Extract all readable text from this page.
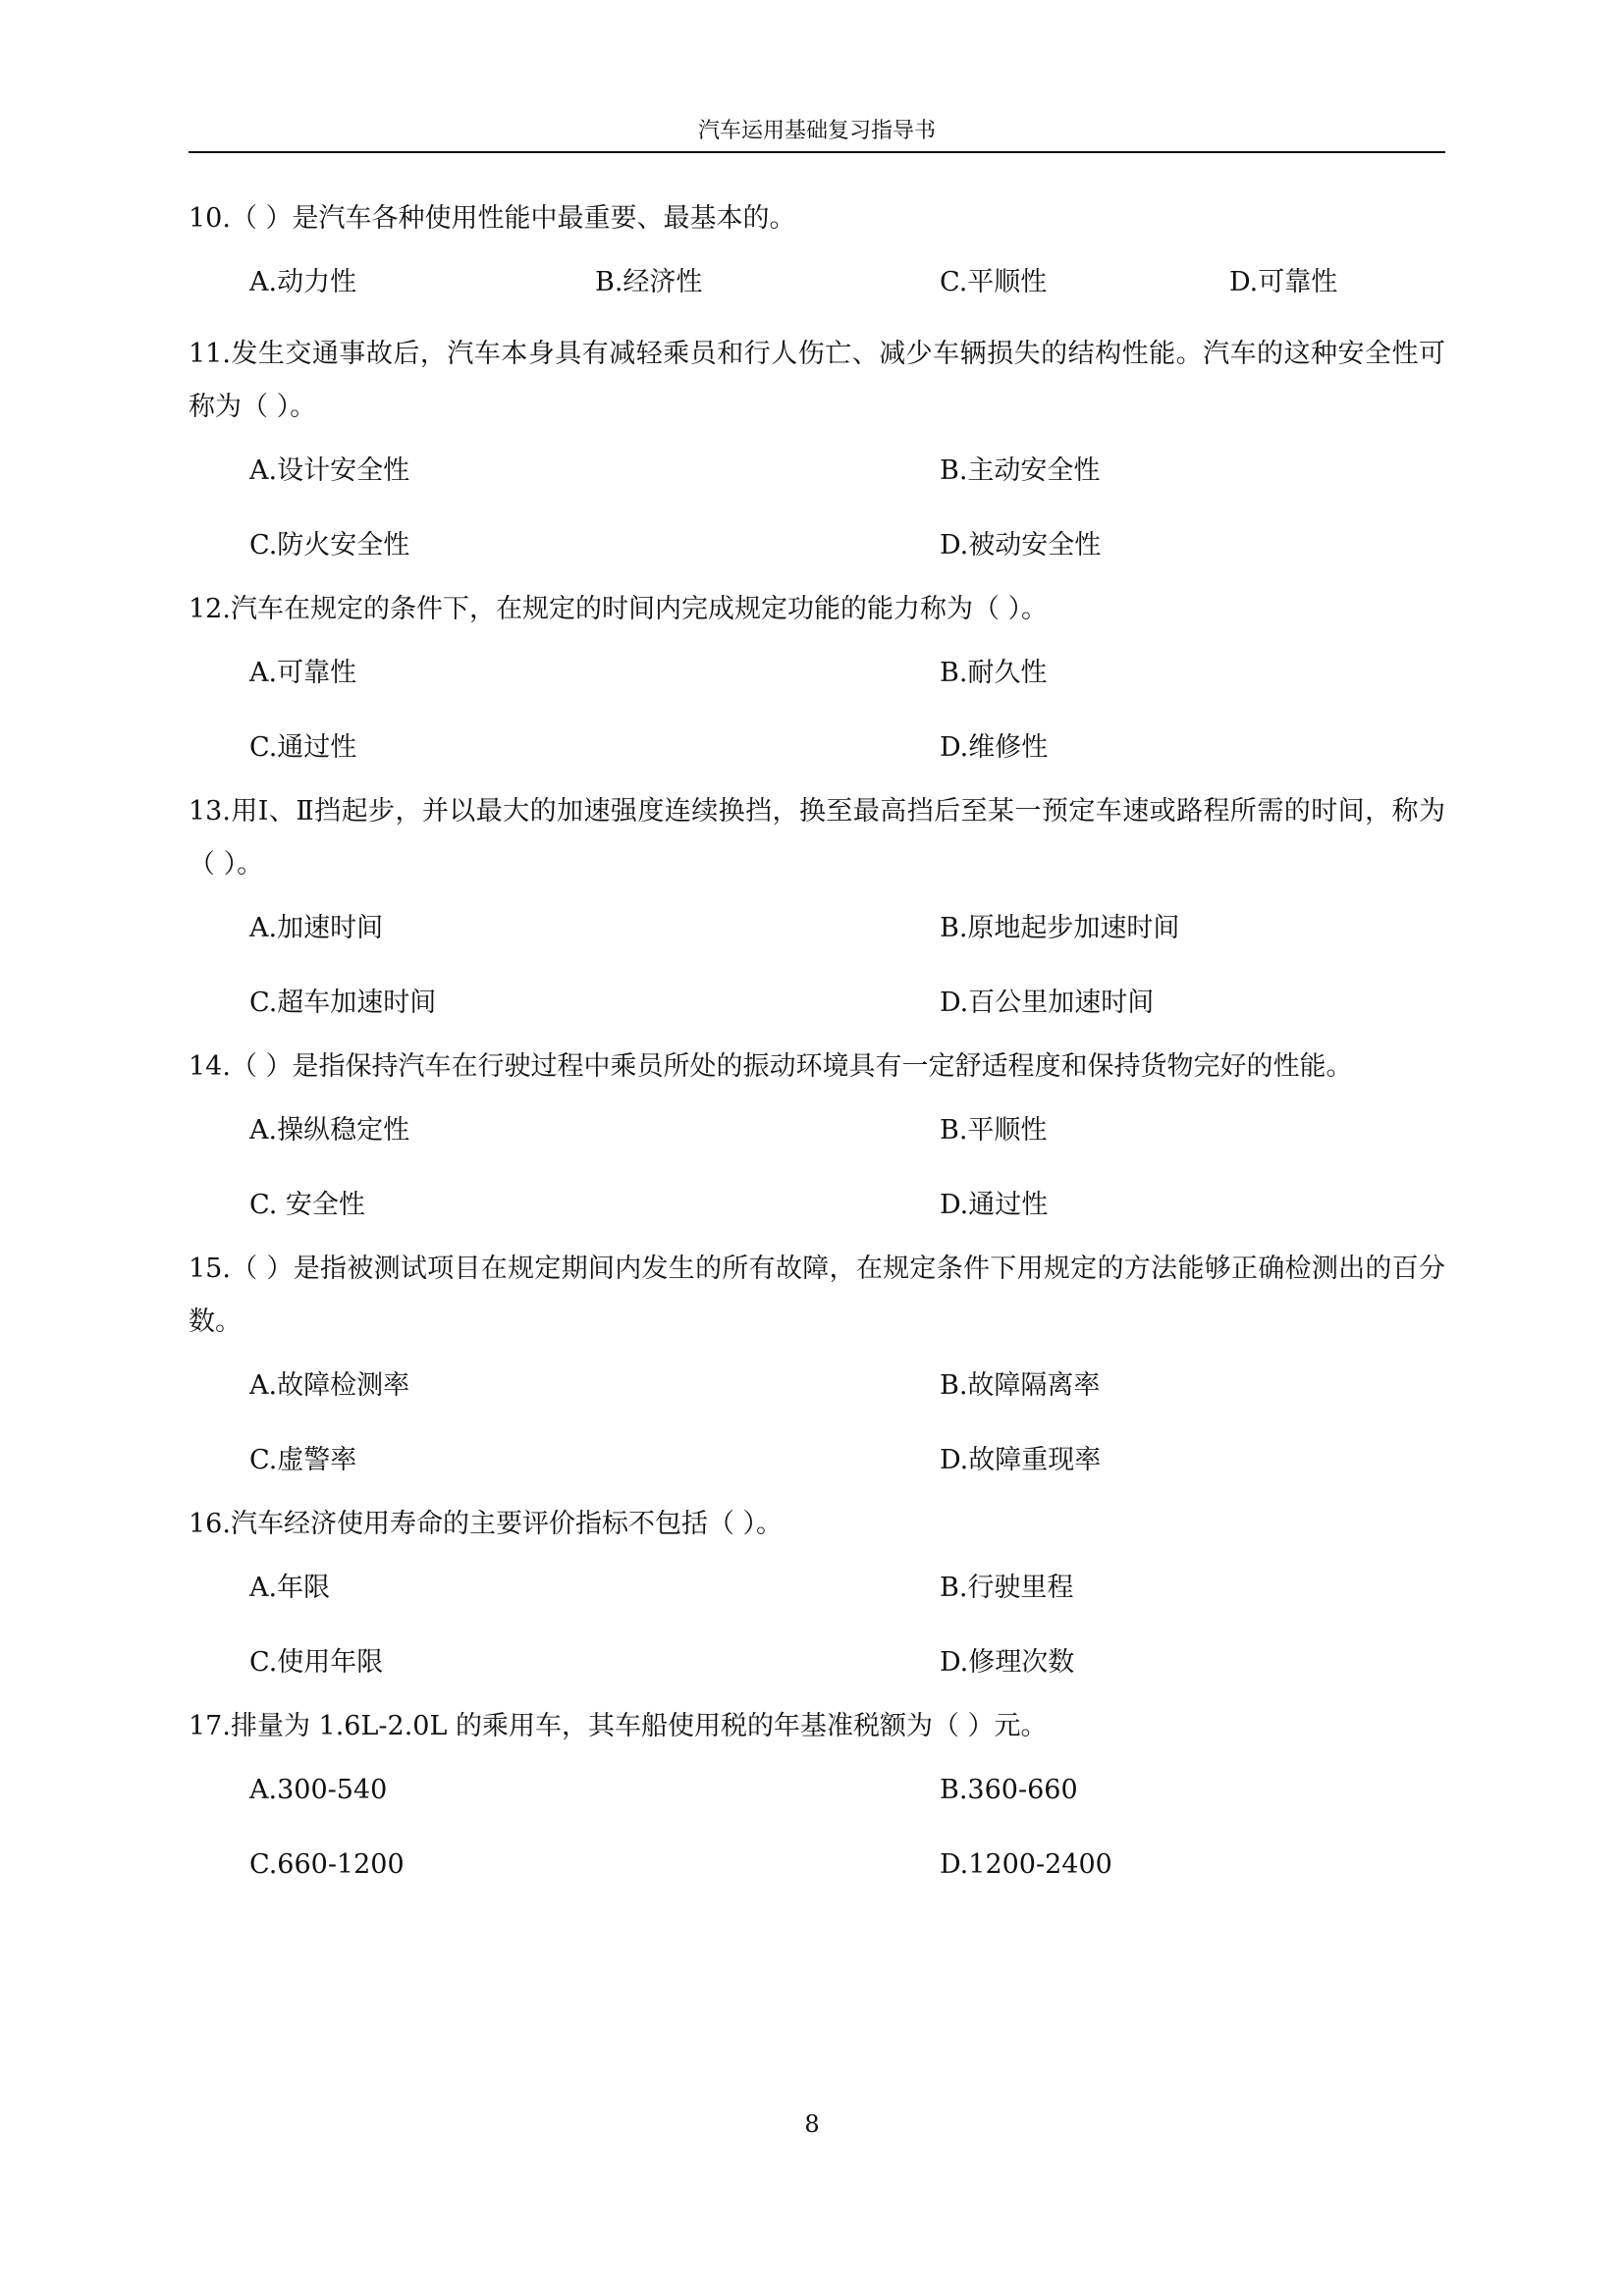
汽车运用基础复习指导书

10.（ ）是汽车各种使用性能中最重要、最基本的。

A.动力性	B.经济性	C.平顺性	D.可靠性

11.发生交通事故后，汽车本身具有减轻乘员和行人伤亡、减少车辆损失的结构性能。汽车的这种安全性可称为（ ）。

A.设计安全性	B.主动安全性
C.防火安全性	D.被动安全性

12.汽车在规定的条件下，在规定的时间内完成规定功能的能力称为（ ）。

A.可靠性	B.耐久性
C.通过性	D.维修性

13.用Ⅰ、Ⅱ挡起步，并以最大的加速强度连续换挡，换至最高挡后至某一预定车速或路程所需的时间，称为（ ）。

A.加速时间	B.原地起步加速时间
C.超车加速时间	D.百公里加速时间

14.（ ）是指保持汽车在行驶过程中乘员所处的振动环境具有一定舒适程度和保持货物完好的性能。

A.操纵稳定性	B.平顺性
C. 安全性	D.通过性

15.（ ）是指被测试项目在规定期间内发生的所有故障，在规定条件下用规定的方法能够正确检测出的百分数。

A.故障检测率	B.故障隔离率
C.虚警率	D.故障重现率

16.汽车经济使用寿命的主要评价指标不包括（ ）。

A.年限	B.行驶里程
C.使用年限	D.修理次数

17.排量为 1.6L-2.0L 的乘用车，其车船使用税的年基准税额为（ ）元。

A.300-540	B.360-660
C.660-1200	D.1200-2400
8
